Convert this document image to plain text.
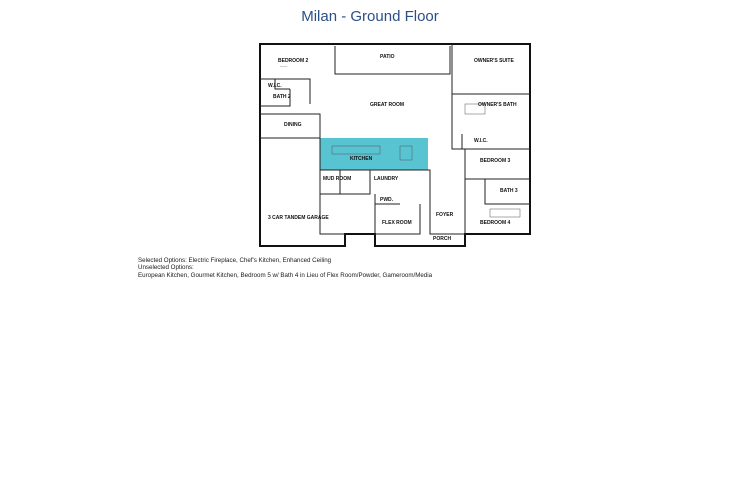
Milan - Ground Floor
BEDROOM 2
——
PATIO
OWNER'S SUITE
BATH 2
W.I.C.
GREAT ROOM	OWNER'S BATH
DINING
W.I.C.
KITCHEN	BEDROOM 3
MUD ROOM	LAUNDRY
BATH 3
PWD.
FOYER
3 CAR TANDEM GARAGE
FLEX ROOM	BEDROOM 4
PORCH
Selected Options: Electric Fireplace, Chef's Kitchen, Enhanced Ceiling
Unselected Options:
European Kitchen, Gourmet Kitchen, Bedroom 5 w/ Bath 4 in Lieu of Flex Room/Powder, Gameroom/Media
